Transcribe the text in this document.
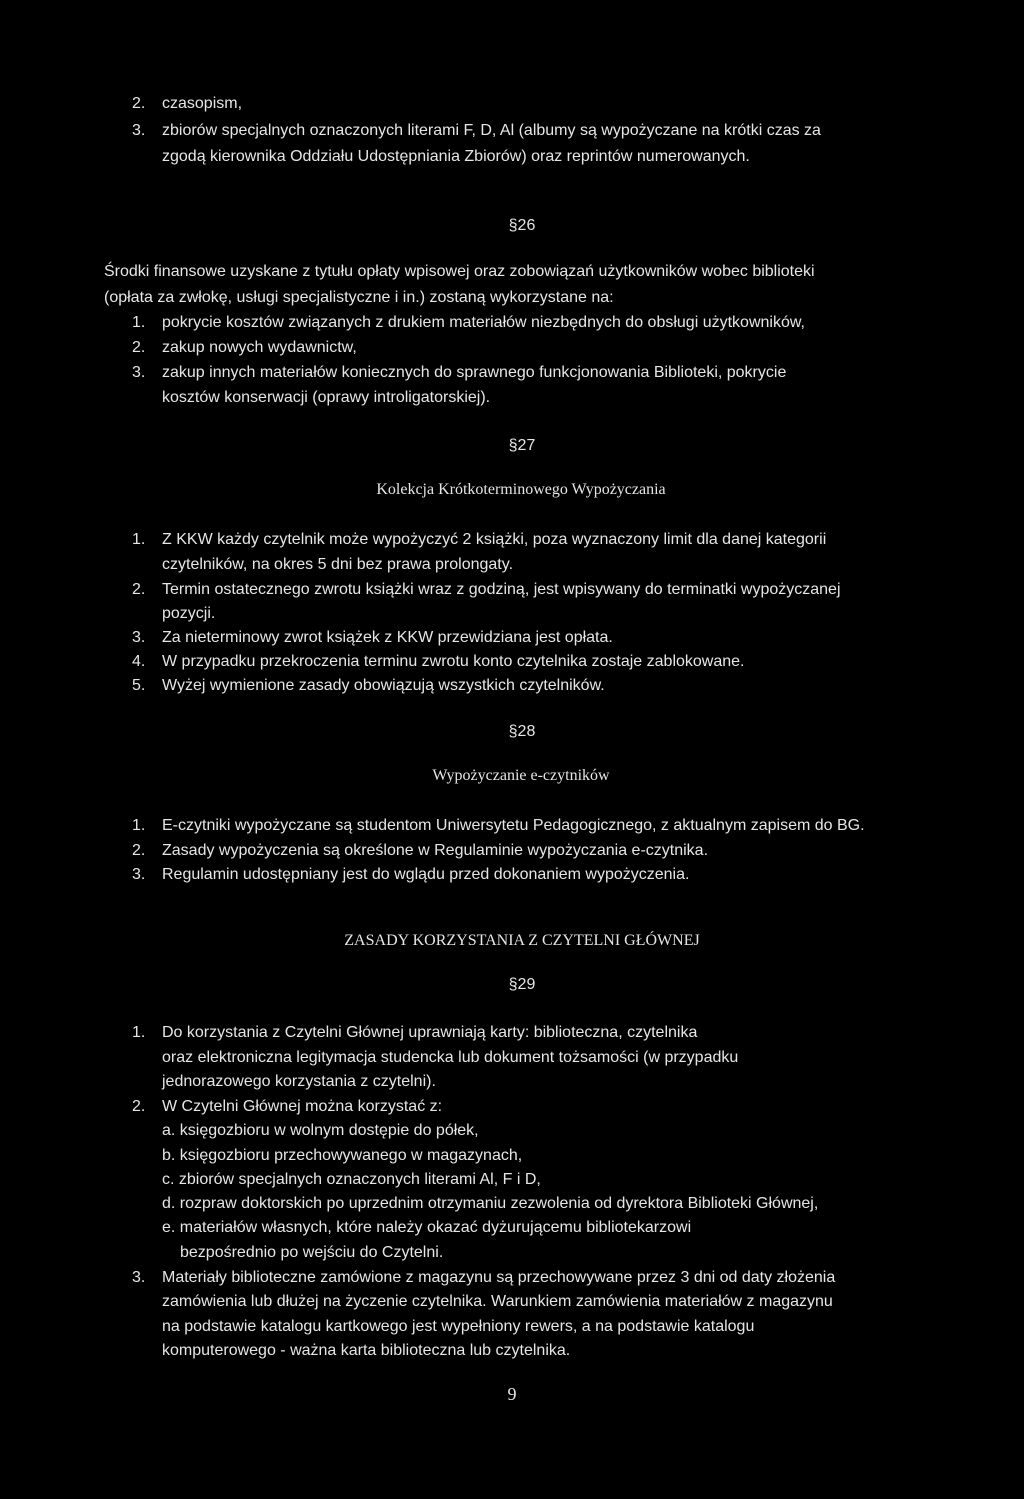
2. czasopism,
3. zbiorów specjalnych oznaczonych literami F, D, Al (albumy są wypożyczane na krótki czas za
zgodą kierownika Oddziału Udostępniania Zbiorów) oraz reprintów numerowanych.
§26
Środki finansowe uzyskane z tytułu opłaty wpisowej oraz zobowiązań użytkowników wobec biblioteki
(opłata za zwłokę, usługi specjalistyczne i in.) zostaną wykorzystane na:
1. pokrycie kosztów związanych z drukiem materiałów niezbędnych do obsługi użytkowników,
2. zakup nowych wydawnictw,
3. zakup innych materiałów koniecznych do sprawnego funkcjonowania Biblioteki, pokrycie
kosztów konserwacji (oprawy introligatorskiej).
§27
Kolekcja Krótkoterminowego Wypożyczania
1. Z KKW każdy czytelnik może wypożyczyć 2 książki, poza wyznaczony limit dla danej kategorii
czytelników, na okres 5 dni bez prawa prolongaty.
2. Termin ostatecznego zwrotu książki wraz z godziną, jest wpisywany do terminatki wypożyczanej
pozycji.
3. Za nieterminowy zwrot książek z KKW przewidziana jest opłata.
4. W przypadku przekroczenia terminu zwrotu konto czytelnika zostaje zablokowane.
5. Wyżej wymienione zasady obowiązują wszystkich czytelników.
§28
Wypożyczanie e-czytników
1. E-czytniki wypożyczane są studentom Uniwersytetu Pedagogicznego, z aktualnym zapisem do BG.
2. Zasady wypożyczenia są określone w Regulaminie wypożyczania e-czytnika.
3. Regulamin udostępniany jest do wglądu przed dokonaniem wypożyczenia.
ZASADY KORZYSTANIA Z CZYTELNI GŁÓWNEJ
§29
1. Do korzystania z Czytelni Głównej uprawniają karty: biblioteczna, czytelnika
oraz elektroniczna legitymacja studencka lub dokument tożsamości (w przypadku
jednorazowego korzystania z czytelni).
2. W Czytelni Głównej można korzystać z:
a. księgozbioru w wolnym dostępie do półek,
b. księgozbioru przechowywanego w magazynach,
c. zbiorów specjalnych oznaczonych literami Al, F i D,
d. rozpraw doktorskich po uprzednim otrzymaniu zezwolenia od dyrektora Biblioteki Głównej,
e. materiałów własnych, które należy okazać dyżurującemu bibliotekarzowi
bezpośrednio po wejściu do Czytelni.
3. Materiały biblioteczne zamówione z magazynu są przechowywane przez 3 dni od daty złożenia
zamówienia lub dłużej na życzenie czytelnika. Warunkiem zamówienia materiałów z magazynu
na podstawie katalogu kartkowego jest wypełniony rewers, a na podstawie katalogu
komputerowego - ważna karta biblioteczna lub czytelnika.
9
